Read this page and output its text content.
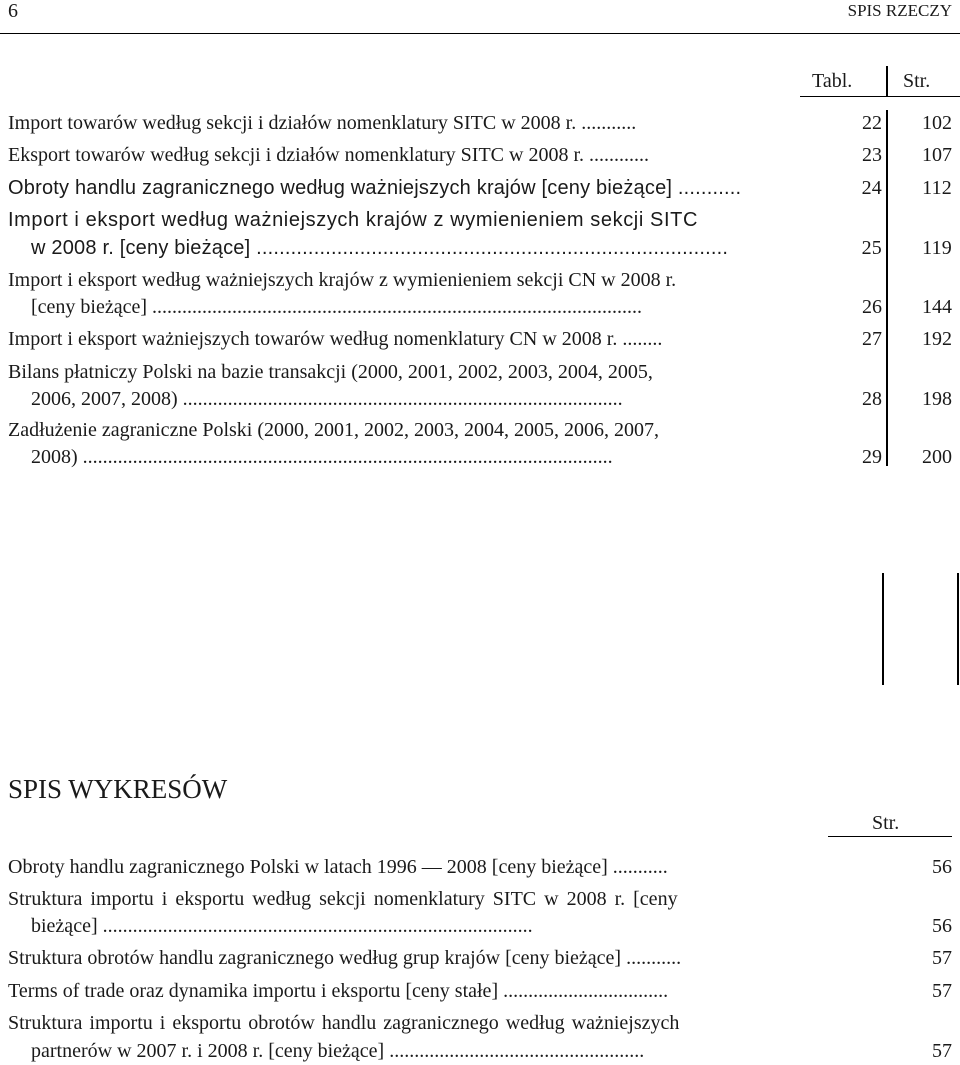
6	SPIS RZECZY
Tabl.	Str.
Import towarów według sekcji i działów nomenklatury SITC w 2008 r. ...........	22 102
Eksport towarów według sekcji i działów nomenklatury SITC w 2008 r. ............	23 107
Obroty handlu zagranicznego według ważniejszych krajów [ceny bieżące] ...........	24 112
Import i eksport według ważniejszych krajów z wymienieniem sekcji SITC
w 2008 r. [ceny bieżące] ..................................................................................	25 119
Import i eksport według ważniejszych krajów z wymienieniem sekcji CN w 2008 r.
[ceny bieżące] ..................................................................................................	26 144
Import i eksport ważniejszych towarów według nomenklatury CN w 2008 r. ........	27 192
Bilans płatniczy Polski na bazie transakcji (2000, 2001, 2002, 2003, 2004, 2005,
2006, 2007, 2008) ........................................................................................	28 198
Zadłużenie zagraniczne Polski (2000, 2001, 2002, 2003, 2004, 2005, 2006, 2007,
2008) ..........................................................................................................	29 200
SPIS WYKRESÓW
Str.
Obroty handlu zagranicznego Polski w latach 1996 — 2008 [ceny bieżące] ...........	56
Struktura importu i eksportu według sekcji nomenklatury SITC w 2008 r. [ceny
bieżące] ......................................................................................	56
Struktura obrotów handlu zagranicznego według grup krajów [ceny bieżące] ...........	57
Terms of trade oraz dynamika importu i eksportu [ceny stałe] .................................	57
Struktura importu i eksportu obrotów handlu zagranicznego według ważniejszych
partnerów w 2007 r. i 2008 r. [ceny bieżące] ...................................................	57
